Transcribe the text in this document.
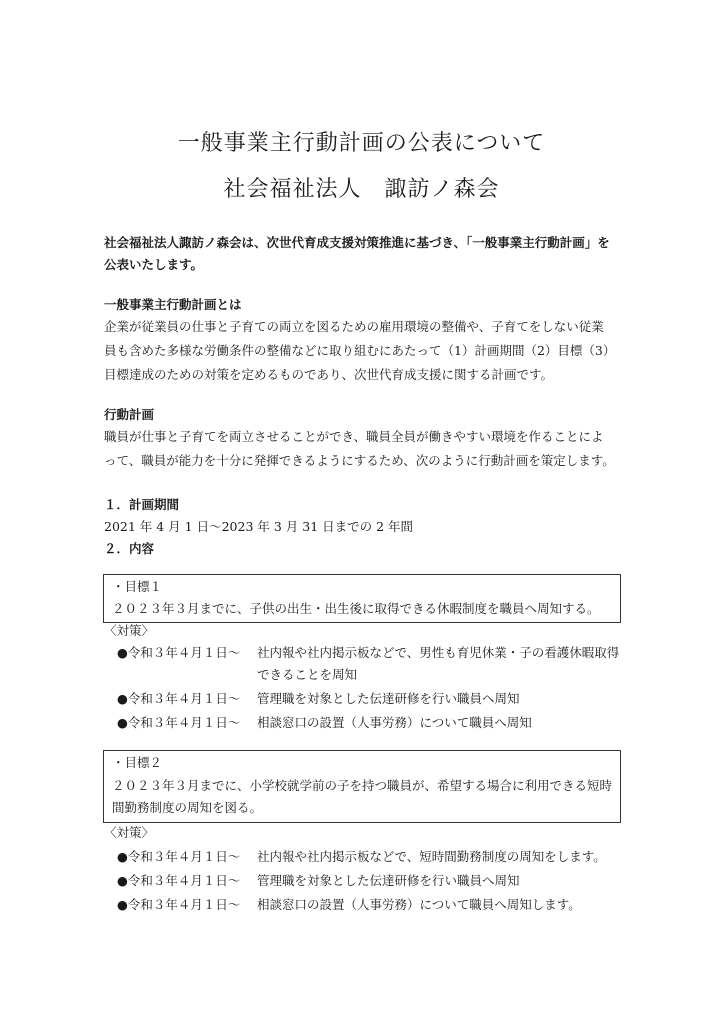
一般事業主行動計画の公表について
社会福祉法人　諏訪ノ森会
社会福祉法人諏訪ノ森会は、次世代育成支援対策推進に基づき、「一般事業主行動計画」を
公表いたします。
一般事業主行動計画とは
企業が従業員の仕事と子育ての両立を図るための雇用環境の整備や、子育てをしない従業
員も含めた多様な労働条件の整備などに取り組むにあたって（1）計画期間（2）目標（3）
目標達成のための対策を定めるものであり、次世代育成支援に関する計画です。
行動計画
職員が仕事と子育てを両立させることができ、職員全員が働きやすい環境を作ることによ
って、職員が能力を十分に発揮できるようにするため、次のように行動計画を策定します。
１．計画期間
2021 年 4 月 1 日～2023 年 3 月 31 日までの 2 年間
２．内容
・目標１
２０２３年３月までに、子供の出生・出生後に取得できる休暇制度を職員へ周知する。
〈対策〉
●令和３年４月１日～ 社内報や社内掲示板などで、男性も育児休業・子の看護休暇取得
できることを周知
●令和３年４月１日～ 管理職を対象とした伝達研修を行い職員へ周知
●令和３年４月１日～ 相談窓口の設置（人事労務）について職員へ周知
・目標２
２０２３年３月までに、小学校就学前の子を持つ職員が、希望する場合に利用できる短時
間勤務制度の周知を図る。
〈対策〉
●令和３年４月１日～ 社内報や社内掲示板などで、短時間勤務制度の周知をします。
●令和３年４月１日～ 管理職を対象とした伝達研修を行い職員へ周知
●令和３年４月１日～ 相談窓口の設置（人事労務）について職員へ周知します。
